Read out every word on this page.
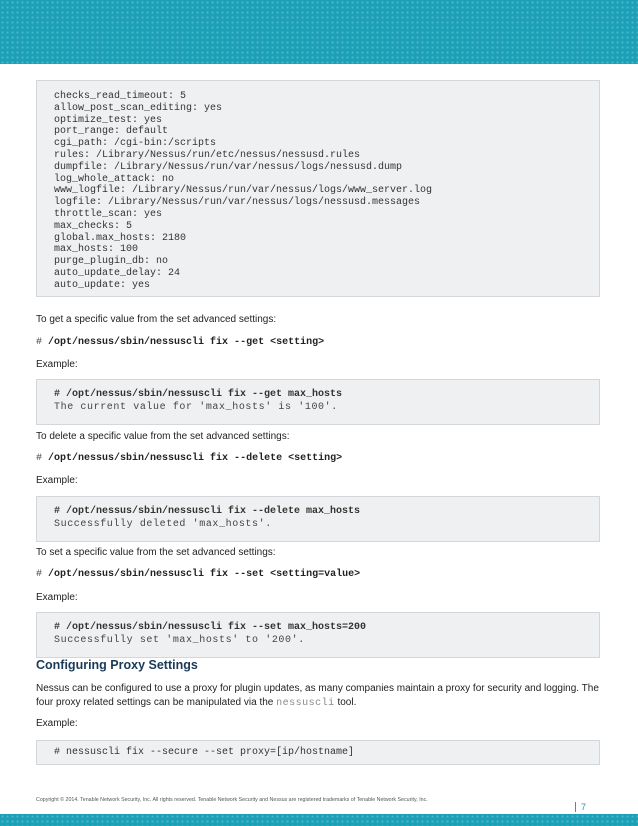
checks_read_timeout: 5
allow_post_scan_editing: yes
optimize_test: yes
port_range: default
cgi_path: /cgi-bin:/scripts
rules: /Library/Nessus/run/etc/nessus/nessusd.rules
dumpfile: /Library/Nessus/run/var/nessus/logs/nessusd.dump
log_whole_attack: no
www_logfile: /Library/Nessus/run/var/nessus/logs/www_server.log
logfile: /Library/Nessus/run/var/nessus/logs/nessusd.messages
throttle_scan: yes
max_checks: 5
global.max_hosts: 2180
max_hosts: 100
purge_plugin_db: no
auto_update_delay: 24
auto_update: yes

To get a specific value from the set advanced settings:

# /opt/nessus/sbin/nessuscli fix --get <setting>

Example:

# /opt/nessus/sbin/nessuscli fix --get max_hosts
The current value for 'max_hosts' is '100'.

To delete a specific value from the set advanced settings:

# /opt/nessus/sbin/nessuscli fix --delete <setting>

Example:

# /opt/nessus/sbin/nessuscli fix --delete max_hosts
Successfully deleted 'max_hosts'.

To set a specific value from the set advanced settings:

# /opt/nessus/sbin/nessuscli fix --set <setting=value>

Example:

# /opt/nessus/sbin/nessuscli fix --set max_hosts=200
Successfully set 'max_hosts' to '200'.
Configuring Proxy Settings

Nessus can be configured to use a proxy for plugin updates, as many companies maintain a proxy for security and logging. The four proxy related settings can be manipulated via the nessuscli tool.

Example:

# nessuscli fix --secure --set proxy=[ip/hostname]
Copyright © 2014. Tenable Network Security, Inc. All rights reserved. Tenable Network Security and Nessus are registered trademarks of Tenable Network Security, Inc.
7
